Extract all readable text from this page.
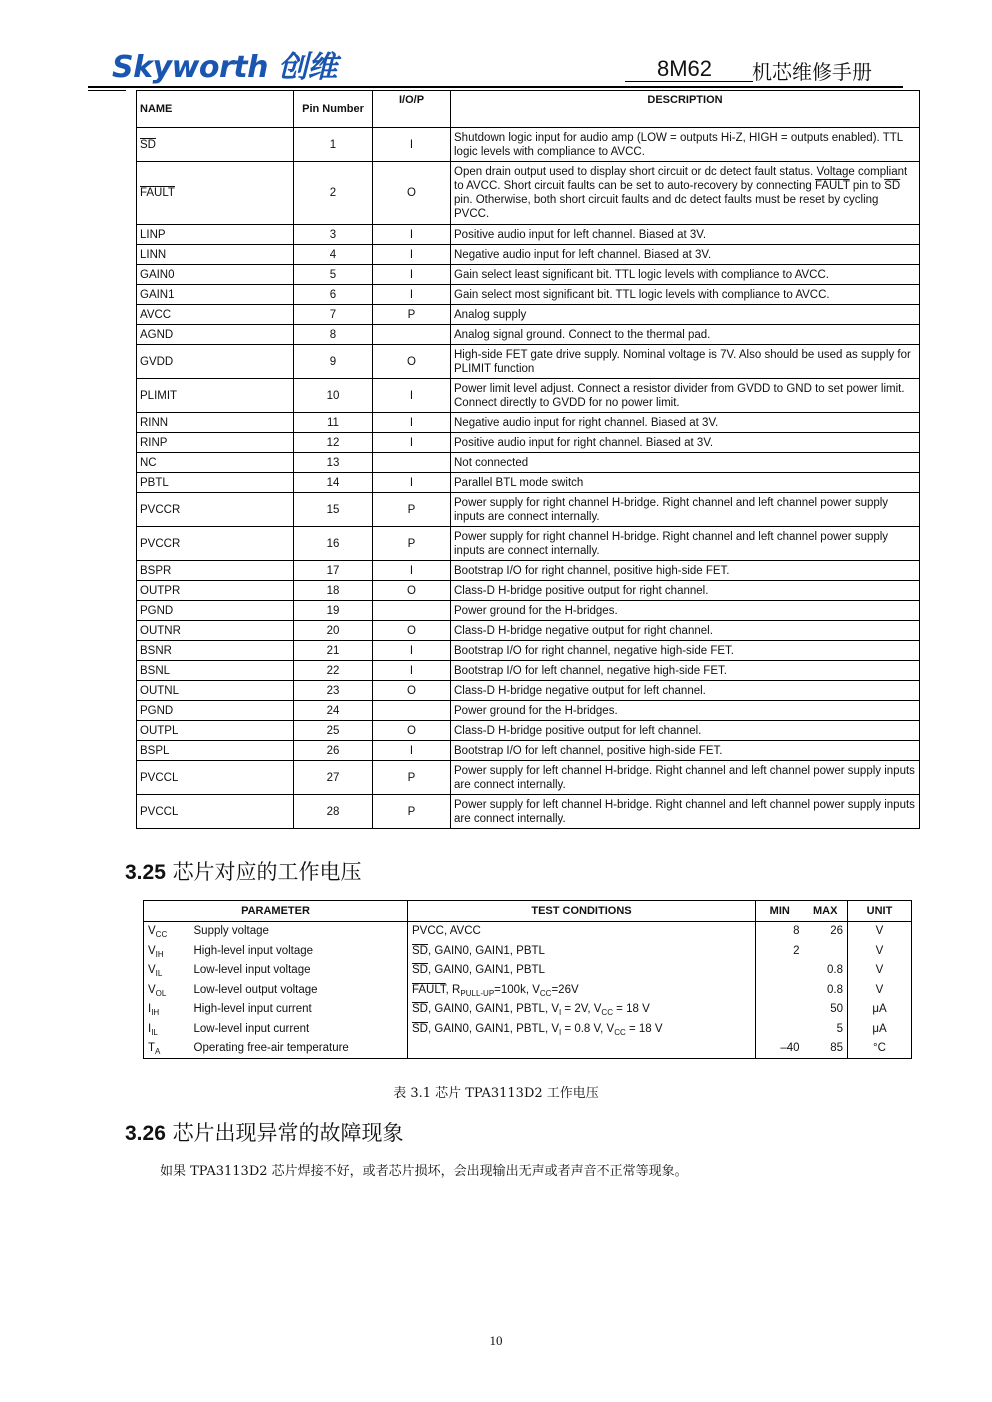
Skyworth 创维	8M62 机芯维修手册
NAME	Pin Number	I/O/P	DESCRIPTION
$\overline{SD}$	1	I	Shutdown logic input for audio amp (LOW = outputs Hi-Z, HIGH = outputs enabled). TTL logic levels with compliance to AVCC.
FAULT	2	O	Open drain output used to display short circuit or dc detect fault status. Voltage compliant to AVCC. Short circuit faults can be set to auto-recovery by connecting FAULT pin to $\overline{SD}$ pin. Otherwise, both short circuit faults and dc detect faults must be reset by cycling PVCC.
LINP	3	I	Positive audio input for left channel. Biased at 3V.
LINN	4	I	Negative audio input for left channel. Biased at 3V.
GAIN0	5	I	Gain select least significant bit. TTL logic levels with compliance to AVCC.
GAIN1	6	I	Gain select most significant bit. TTL logic levels with compliance to AVCC.
AVCC	7	P	Analog supply
AGND	8		Analog signal ground. Connect to the thermal pad.
GVDD	9	O	High-side FET gate drive supply. Nominal voltage is 7V. Also should be used as supply for PLIMIT function
PLIMIT	10	I	Power limit level adjust. Connect a resistor divider from GVDD to GND to set power limit. Connect directly to GVDD for no power limit.
RINN	11	I	Negative audio input for right channel. Biased at 3V.
RINP	12	I	Positive audio input for right channel. Biased at 3V.
NC	13		Not connected
PBTL	14	I	Parallel BTL mode switch
PVCCR	15	P	Power supply for right channel H-bridge. Right channel and left channel power supply inputs are connect internally.
PVCCR	16	P	Power supply for right channel H-bridge. Right channel and left channel power supply inputs are connect internally.
BSPR	17	I	Bootstrap I/O for right channel, positive high-side FET.
OUTPR	18	O	Class-D H-bridge positive output for right channel.
PGND	19		Power ground for the H-bridges.
OUTNR	20	O	Class-D H-bridge negative output for right channel.
BSNR	21	I	Bootstrap I/O for right channel, negative high-side FET.
BSNL	22	I	Bootstrap I/O for left channel, negative high-side FET.
OUTNL	23	O	Class-D H-bridge negative output for left channel.
PGND	24		Power ground for the H-bridges.
OUTPL	25	O	Class-D H-bridge positive output for left channel.
BSPL	26	I	Bootstrap I/O for left channel, positive high-side FET.
PVCCL	27	P	Power supply for left channel H-bridge. Right channel and left channel power supply inputs are connect internally.
PVCCL	28	P	Power supply for left channel H-bridge. Right channel and left channel power supply inputs are connect internally.
3.25 芯片对应的工作电压
PARAMETER		TEST CONDITIONS	MIN	MAX	UNIT
$V_{CC}$	Supply voltage	PVCC, AVCC	8	26	V
$V_{IH}$	High-level input voltage	$\overline{SD}$, GAIN0, GAIN1, PBTL	2		V
$V_{IL}$	Low-level input voltage	$\overline{SD}$, GAIN0, GAIN1, PBTL		0.8	V
$V_{OL}$	Low-level output voltage	FAULT, $R_{PULL-UP}=100k$, $V_{CC}=26V$		0.8	V
$I_{IH}$	High-level input current	$\overline{SD}$, GAIN0, GAIN1, PBTL, $V_I = 2V$, $V_{CC} = 18$ V		50	μA
$I_{IL}$	Low-level input current	$\overline{SD}$, GAIN0, GAIN1, PBTL, $V_I = 0.8$ V, $V_{CC} = 18$ V		5	μA
$T_A$	Operating free-air temperature		–40	85	°C
表 3.1 芯片 TPA3113D2 工作电压
3.26 芯片出现异常的故障现象
如果 TPA3113D2 芯片焊接不好，或者芯片损坏，会出现输出无声或者声音不正常等现象。
10
